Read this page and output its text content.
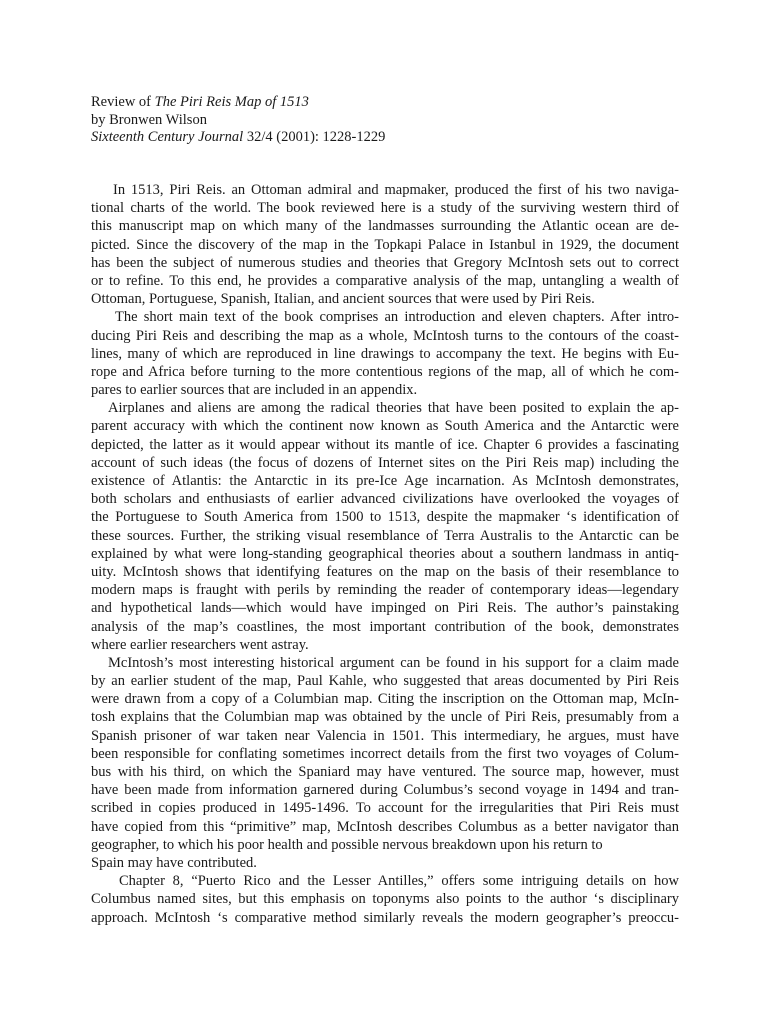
Review of The Piri Reis Map of 1513
by Bronwen Wilson
Sixteenth Century Journal 32/4 (2001): 1228-1229
In 1513, Piri Reis. an Ottoman admiral and mapmaker, produced the first of his two naviga-
tional charts of the world. The book reviewed here is a study of the surviving western third of
this manuscript map on which many of the landmasses surrounding the Atlantic ocean are de-
picted. Since the discovery of the map in the Topkapi Palace in Istanbul in 1929, the document
has been the subject of numerous studies and theories that Gregory McIntosh sets out to correct
or to refine. To this end, he provides a comparative analysis of the map, untangling a wealth of
Ottoman, Portuguese, Spanish, Italian, and ancient sources that were used by Piri Reis.
The short main text of the book comprises an introduction and eleven chapters. After intro-
ducing Piri Reis and describing the map as a whole, McIntosh turns to the contours of the coast-
lines, many of which are reproduced in line drawings to accompany the text. He begins with Eu-
rope and Africa before turning to the more contentious regions of the map, all of which he com-
pares to earlier sources that are included in an appendix.
Airplanes and aliens are among the radical theories that have been posited to explain the ap-
parent accuracy with which the continent now known as South America and the Antarctic were
depicted, the latter as it would appear without its mantle of ice. Chapter 6 provides a fascinating
account of such ideas (the focus of dozens of Internet sites on the Piri Reis map) including the
existence of Atlantis: the Antarctic in its pre-Ice Age incarnation. As McIntosh demonstrates,
both scholars and enthusiasts of earlier advanced civilizations have overlooked the voyages of
the Portuguese to South America from 1500 to 1513, despite the mapmaker ‘s identification of
these sources. Further, the striking visual resemblance of Terra Australis to the Antarctic can be
explained by what were long-standing geographical theories about a southern landmass in antiq-
uity. McIntosh shows that identifying features on the map on the basis of their resemblance to
modern maps is fraught with perils by reminding the reader of contemporary ideas—legendary
and hypothetical lands—which would have impinged on Piri Reis. The author’s painstaking
analysis of the map’s coastlines, the most important contribution of the book, demonstrates
where earlier researchers went astray.
McIntosh’s most interesting historical argument can be found in his support for a claim made
by an earlier student of the map, Paul Kahle, who suggested that areas documented by Piri Reis
were drawn from a copy of a Columbian map. Citing the inscription on the Ottoman map, McIn-
tosh explains that the Columbian map was obtained by the uncle of Piri Reis, presumably from a
Spanish prisoner of war taken near Valencia in 1501. This intermediary, he argues, must have
been responsible for conflating sometimes incorrect details from the first two voyages of Colum-
bus with his third, on which the Spaniard may have ventured. The source map, however, must
have been made from information garnered during Columbus’s second voyage in 1494 and tran-
scribed in copies produced in 1495-1496. To account for the irregularities that Piri Reis must
have copied from this “primitive” map, McIntosh describes Columbus as a better navigator than
geographer, to which his poor health and possible nervous breakdown upon his return to
Spain may have contributed.
Chapter 8, “Puerto Rico and the Lesser Antilles,” offers some intriguing details on how
Columbus named sites, but this emphasis on toponyms also points to the author ‘s disciplinary
approach. McIntosh ‘s comparative method similarly reveals the modern geographer’s preoccu-
